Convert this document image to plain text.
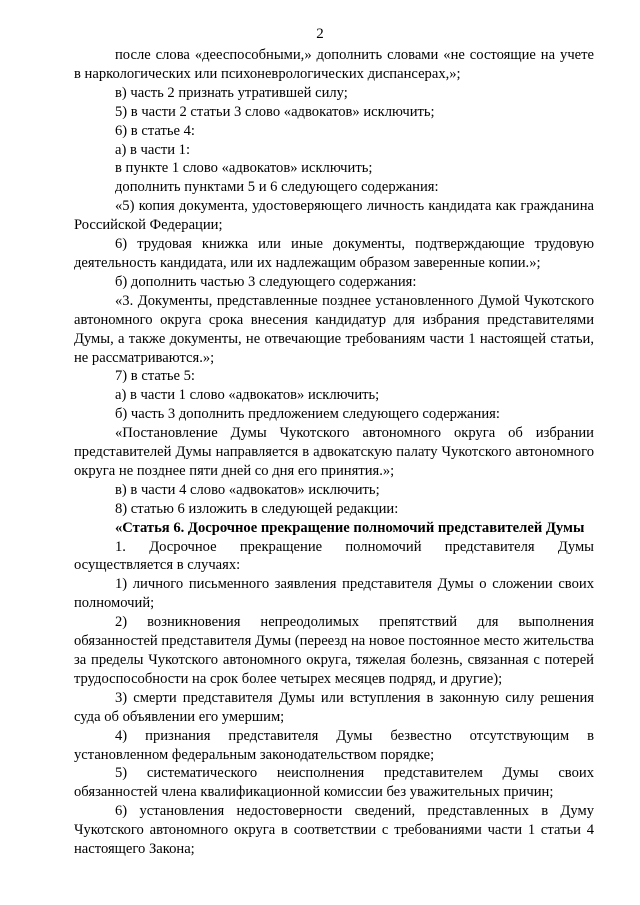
2

после слова «дееспособными,» дополнить словами «не состоящие на учете в наркологических или психоневрологических диспансерах,»;

в) часть 2 признать утратившей силу;

5) в части 2 статьи 3 слово «адвокатов» исключить;

6) в статье 4:

а) в части 1:

в пункте 1 слово «адвокатов» исключить;

дополнить пунктами 5 и 6 следующего содержания:

«5) копия документа, удостоверяющего личность кандидата как гражданина Российской Федерации;

6) трудовая книжка или иные документы, подтверждающие трудовую деятельность кандидата, или их надлежащим образом заверенные копии.»;

б) дополнить частью 3 следующего содержания:

«3. Документы, представленные позднее установленного Думой Чукотского автономного округа срока внесения кандидатур для избрания представителями Думы, а также документы, не отвечающие требованиям части 1 настоящей статьи, не рассматриваются.»;

7) в статье 5:

а) в части 1 слово «адвокатов» исключить;

б) часть 3 дополнить предложением следующего содержания:

«Постановление Думы Чукотского автономного округа об избрании представителей Думы направляется в адвокатскую палату Чукотского автономного округа не позднее пяти дней со дня его принятия.»;

в) в части 4 слово «адвокатов» исключить;

8) статью 6 изложить в следующей редакции:

«Статья 6. Досрочное прекращение полномочий представителей Думы

1. Досрочное прекращение полномочий представителя Думы осуществляется в случаях:

1) личного письменного заявления представителя Думы о сложении своих полномочий;

2) возникновения непреодолимых препятствий для выполнения обязанностей представителя Думы (переезд на новое постоянное место жительства за пределы Чукотского автономного округа, тяжелая болезнь, связанная с потерей трудоспособности на срок более четырех месяцев подряд, и другие);

3) смерти представителя Думы или вступления в законную силу решения суда об объявлении его умершим;

4) признания представителя Думы безвестно отсутствующим в установленном федеральным законодательством порядке;

5) систематического неисполнения представителем Думы своих обязанностей члена квалификационной комиссии без уважительных причин;

6) установления недостоверности сведений, представленных в Думу Чукотского автономного округа в соответствии с требованиями части 1 статьи 4 настоящего Закона;
